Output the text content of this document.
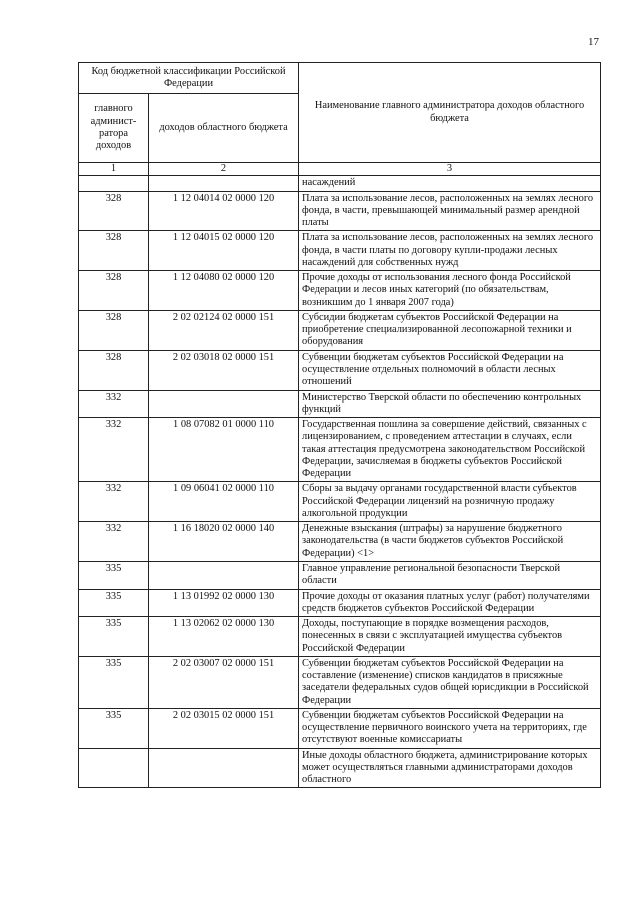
17
Код бюджетной классификации Российской Федерации		Наименование главного администратора доходов областного бюджета
главного админист-ратора доходов	доходов областного бюджета	
1	2	3
		насаждений
328	1 12 04014 02 0000 120	Плата за использование лесов, расположенных на землях лесного фонда, в части, превышающей минимальный размер арендной платы
328	1 12 04015 02 0000 120	Плата за использование лесов, расположенных на землях лесного фонда, в части платы по договору купли-продажи лесных насаждений для собственных нужд
328	1 12 04080 02 0000 120	Прочие доходы от использования лесного фонда Российской Федерации и лесов иных категорий (по обязательствам, возникшим до 1 января 2007 года)
328	2 02 02124 02 0000 151	Субсидии бюджетам субъектов Российской Федерации на приобретение специализированной лесопожарной техники и оборудования
328	2 02 03018 02 0000 151	Субвенции бюджетам субъектов Российской Федерации на осуществление отдельных полномочий в области лесных отношений
332		Министерство Тверской области по обеспечению контрольных функций
332	1 08 07082 01 0000 110	Государственная пошлина за совершение действий, связанных с лицензированием, с проведением аттестации в случаях, если такая аттестация предусмотрена законодательством Российской Федерации, зачисляемая в бюджеты субъектов Российской Федерации
332	1 09 06041 02 0000 110	Сборы за выдачу органами государственной власти субъектов Российской Федерации лицензий на розничную продажу алкогольной продукции
332	1 16 18020 02 0000 140	Денежные взыскания (штрафы) за нарушение бюджетного законодательства (в части бюджетов субъектов Российской Федерации) <1>
335		Главное управление региональной безопасности Тверской области
335	1 13 01992 02 0000 130	Прочие доходы от оказания платных услуг (работ) получателями средств бюджетов субъектов Российской Федерации
335	1 13 02062 02 0000 130	Доходы, поступающие в порядке возмещения расходов, понесенных в связи с эксплуатацией имущества субъектов Российской Федерации
335	2 02 03007 02 0000 151	Субвенции бюджетам субъектов Российской Федерации на составление (изменение) списков кандидатов в присяжные заседатели федеральных судов общей юрисдикции в Российской Федерации
335	2 02 03015 02 0000 151	Субвенции бюджетам субъектов Российской Федерации на осуществление первичного воинского учета на территориях, где отсутствуют военные комиссариаты
		Иные доходы областного бюджета, администрирование которых может осуществляться главными администраторами доходов областного
